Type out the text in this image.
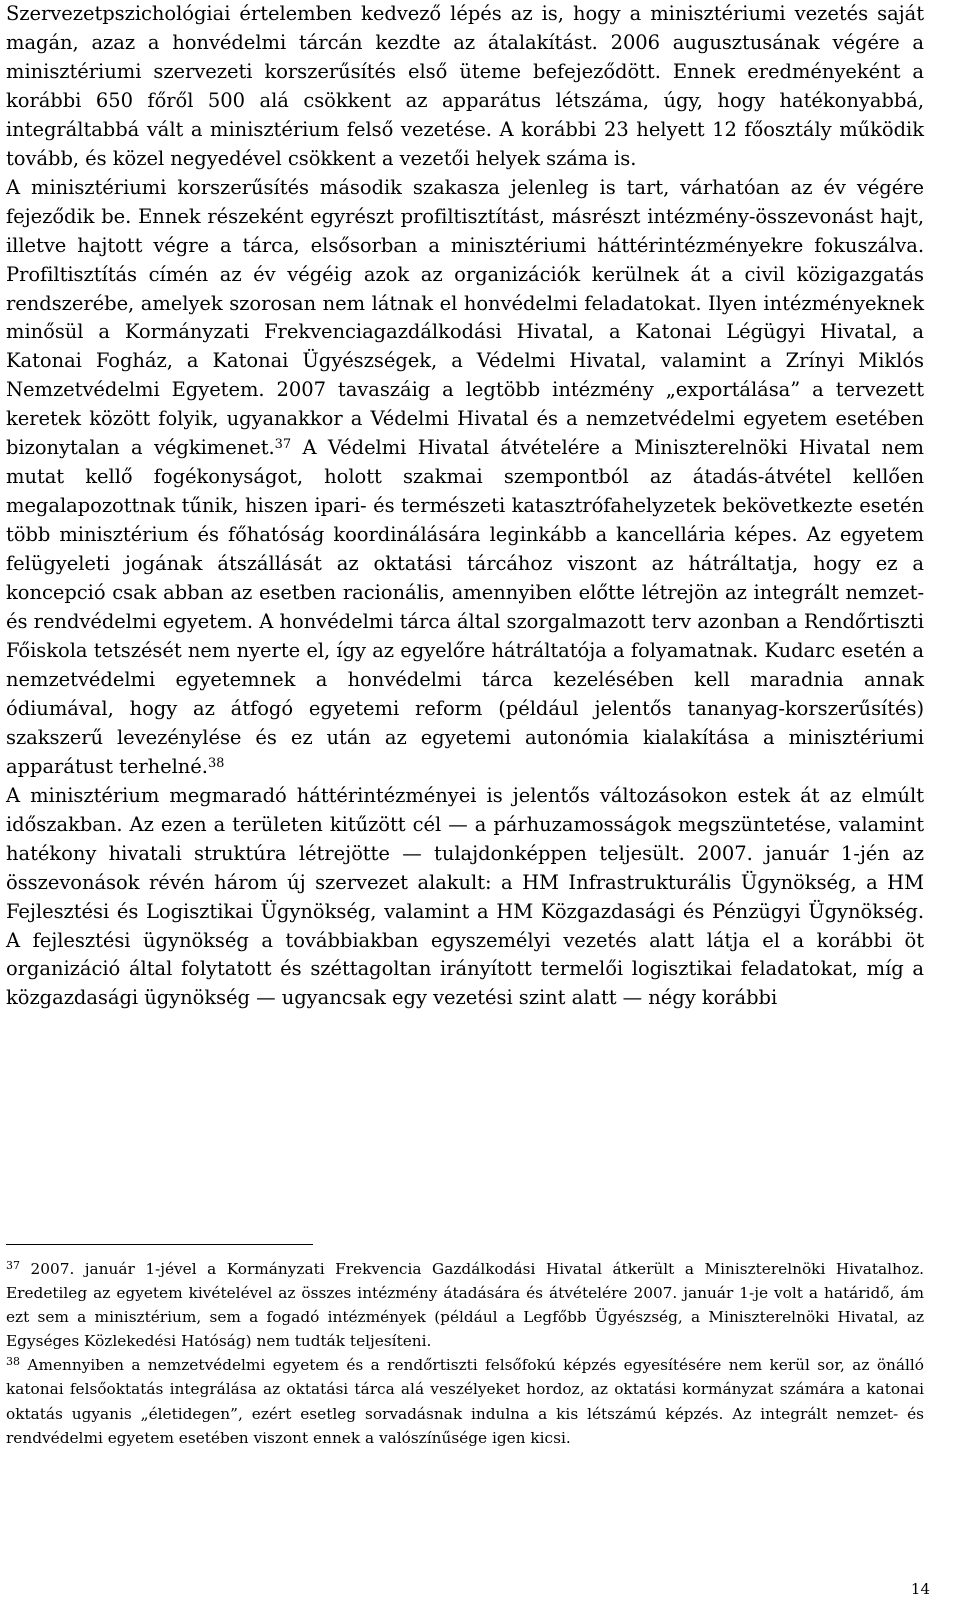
Szervezetpszichológiai értelemben kedvező lépés az is, hogy a minisztériumi vezetés saját magán, azaz a honvédelmi tárcán kezdte az átalakítást. 2006 augusztusának végére a minisztériumi szervezeti korszerűsítés első üteme befejeződött. Ennek eredményeként a korábbi 650 főről 500 alá csökkent az apparátus létszáma, úgy, hogy hatékonyabbá, integráltabbá vált a minisztérium felső vezetése. A korábbi 23 helyett 12 főosztály működik tovább, és közel negyedével csökkent a vezetői helyek száma is.

A minisztériumi korszerűsítés második szakasza jelenleg is tart, várhatóan az év végére fejeződik be. Ennek részeként egyrészt profiltisztítást, másrészt intézmény-összevonást hajt, illetve hajtott végre a tárca, elsősorban a minisztériumi háttérintézményekre fokuszálva. Profiltisztítás címén az év végéig azok az organizációk kerülnek át a civil közigazgatás rendszerébe, amelyek szorosan nem látnak el honvédelmi feladatokat. Ilyen intézményeknek minősül a Kormányzati Frekvenciagazdálkodási Hivatal, a Katonai Légügyi Hivatal, a Katonai Fogház, a Katonai Ügyészségek, a Védelmi Hivatal, valamint a Zrínyi Miklós Nemzetvédelmi Egyetem. 2007 tavaszáig a legtöbb intézmény „exportálása” a tervezett keretek között folyik, ugyanakkor a Védelmi Hivatal és a nemzetvédelmi egyetem esetében bizonytalan a végkimenet.$^{37}$ A Védelmi Hivatal átvételére a Miniszterelnöki Hivatal nem mutat kellő fogékonyságot, holott szakmai szempontból az átadás-átvétel kellően megalapozottnak tűnik, hiszen ipari- és természeti katasztrófahelyzetek bekövetkezte esetén több minisztérium és főhatóság koordinálására leginkább a kancellária képes. Az egyetem felügyeleti jogának átszállását az oktatási tárcához viszont az hátráltatja, hogy ez a koncepció csak abban az esetben racionális, amennyiben előtte létrejön az integrált nemzet- és rendvédelmi egyetem. A honvédelmi tárca által szorgalmazott terv azonban a Rendőrtiszti Főiskola tetszését nem nyerte el, így az egyelőre hátráltatója a folyamatnak. Kudarc esetén a nemzetvédelmi egyetemnek a honvédelmi tárca kezelésében kell maradnia annak ódiumával, hogy az átfogó egyetemi reform (például jelentős tananyag-korszerűsítés) szakszerű levezénylése és ez után az egyetemi autonómia kialakítása a minisztériumi apparátust terhelné.$^{38}$

A minisztérium megmaradó háttérintézményei is jelentős változásokon estek át az elmúlt időszakban. Az ezen a területen kitűzött cél — a párhuzamosságok megszüntetése, valamint hatékony hivatali struktúra létrejötte — tulajdonképpen teljesült. 2007. január 1-jén az összevonások révén három új szervezet alakult: a HM Infrastrukturális Ügynökség, a HM Fejlesztési és Logisztikai Ügynökség, valamint a HM Közgazdasági és Pénzügyi Ügynökség. A fejlesztési ügynökség a továbbiakban egyszemélyi vezetés alatt látja el a korábbi öt organizáció által folytatott és széttagoltan irányított termelői logisztikai feladatokat, míg a közgazdasági ügynökség — ugyancsak egy vezetési szint alatt — négy korábbi

$^{37}$ 2007. január 1-jével a Kormányzati Frekvencia Gazdálkodási Hivatal átkerült a Miniszterelnöki Hivatalhoz. Eredetileg az egyetem kivételével az összes intézmény átadására és átvételére 2007. január 1-je volt a határidő, ám ezt sem a minisztérium, sem a fogadó intézmények (például a Legfőbb Ügyészség, a Miniszterelnöki Hivatal, az Egységes Közlekedési Hatóság) nem tudták teljesíteni.

$^{38}$ Amennyiben a nemzetvédelmi egyetem és a rendőrtiszti felsőfokú képzés egyesítésére nem kerül sor, az önálló katonai felsőoktatás integrálása az oktatási tárca alá veszélyeket hordoz, az oktatási kormányzat számára a katonai oktatás ugyanis „életidegen”, ezért esetleg sorvadásnak indulna a kis létszámú képzés. Az integrált nemzet- és rendvédelmi egyetem esetében viszont ennek a valószínűsége igen kicsi.

14
